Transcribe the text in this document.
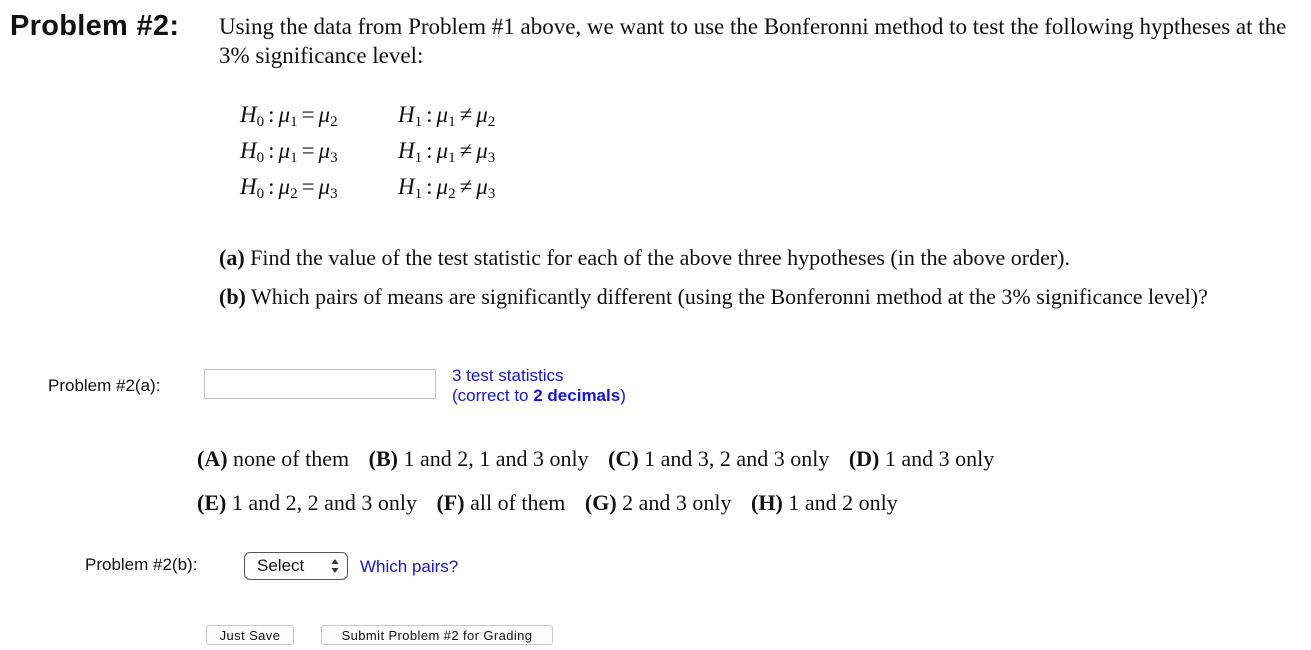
Problem #2: Using the data from Problem #1 above, we want to use the Bonferonni method to test the following hyptheses at the 3% significance level:
$H_0$ : $\mu_1 = \mu_2$	$H_1$ : $\mu_1 \ne \mu_2$
$H_0$ : $\mu_1 = \mu_3$	$H_1$ : $\mu_1 \ne \mu_3$
$H_0$ : $\mu_2 = \mu_3$	$H_1$ : $\mu_2 \ne \mu_3$
(a) Find the value of the test statistic for each of the above three hypotheses (in the above order).
(b) Which pairs of means are significantly different (using the Bonferonni method at the 3% significance level)?
Problem #2(a):
3 test statistics
(correct to 2 decimals)
(A) none of them (B) 1 and 2, 1 and 3 only (C) 1 and 3, 2 and 3 only (D) 1 and 3 only
(E) 1 and 2, 2 and 3 only (F) all of them (G) 2 and 3 only (H) 1 and 2 only
Problem #2(b):	Select	Which pairs?
Just Save	Submit Problem #2 for Grading
